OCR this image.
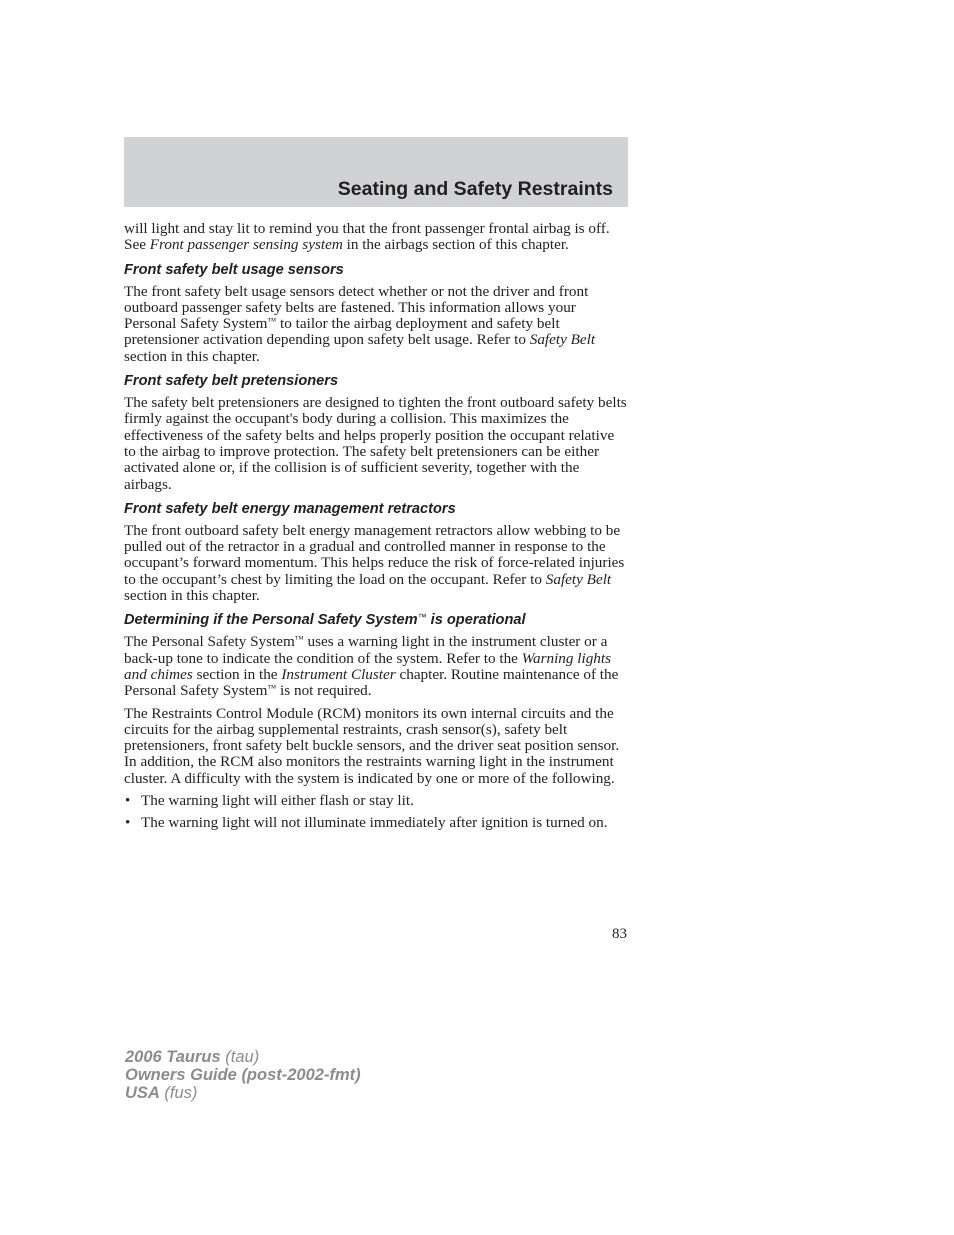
Seating and Safety Restraints

will light and stay lit to remind you that the front passenger frontal airbag is off. See Front passenger sensing system in the airbags section of this chapter.

Front safety belt usage sensors

The front safety belt usage sensors detect whether or not the driver and front outboard passenger safety belts are fastened. This information allows your Personal Safety System™ to tailor the airbag deployment and safety belt pretensioner activation depending upon safety belt usage. Refer to Safety Belt section in this chapter.

Front safety belt pretensioners

The safety belt pretensioners are designed to tighten the front outboard safety belts firmly against the occupant's body during a collision. This maximizes the effectiveness of the safety belts and helps properly position the occupant relative to the airbag to improve protection. The safety belt pretensioners can be either activated alone or, if the collision is of sufficient severity, together with the airbags.

Front safety belt energy management retractors

The front outboard safety belt energy management retractors allow webbing to be pulled out of the retractor in a gradual and controlled manner in response to the occupant’s forward momentum. This helps reduce the risk of force-related injuries to the occupant’s chest by limiting the load on the occupant. Refer to Safety Belt section in this chapter.

Determining if the Personal Safety System™ is operational

The Personal Safety System™ uses a warning light in the instrument cluster or a back-up tone to indicate the condition of the system. Refer to the Warning lights and chimes section in the Instrument Cluster chapter. Routine maintenance of the Personal Safety System™ is not required.

The Restraints Control Module (RCM) monitors its own internal circuits and the circuits for the airbag supplemental restraints, crash sensor(s), safety belt pretensioners, front safety belt buckle sensors, and the driver seat position sensor. In addition, the RCM also monitors the restraints warning light in the instrument cluster. A difficulty with the system is indicated by one or more of the following.

• The warning light will either flash or stay lit.
• The warning light will not illuminate immediately after ignition is turned on.
83
2006 Taurus (tau)
Owners Guide (post-2002-fmt)
USA (fus)
